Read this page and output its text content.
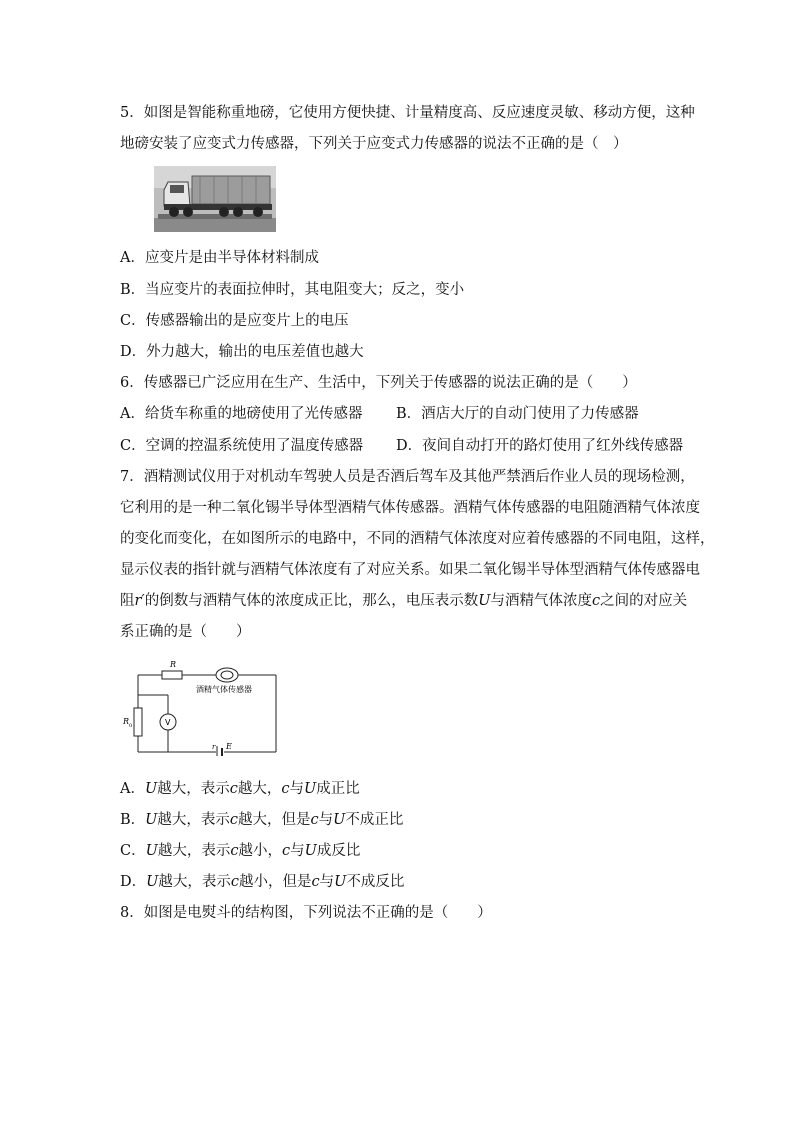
5．如图是智能称重地磅，它使用方便快捷、计量精度高、反应速度灵敏、移动方便，这种
地磅安装了应变式力传感器，下列关于应变式力传感器的说法不正确的是（　）
A．应变片是由半导体材料制成
B．当应变片的表面拉伸时，其电阻变大；反之，变小
C．传感器输出的是应变片上的电压
D．外力越大，输出的电压差值也越大
6．传感器已广泛应用在生产、生活中，下列关于传感器的说法正确的是（　　）
A．给货车称重的地磅使用了光传感器 B．酒店大厅的自动门使用了力传感器
C．空调的控温系统使用了温度传感器 D．夜间自动打开的路灯使用了红外线传感器
7．酒精测试仪用于对机动车驾驶人员是否酒后驾车及其他严禁酒后作业人员的现场检测，
它利用的是一种二氧化锡半导体型酒精气体传感器。酒精气体传感器的电阻随酒精气体浓度
的变化而变化，在如图所示的电路中，不同的酒精气体浓度对应着传感器的不同电阻，这样，
显示仪表的指针就与酒精气体浓度有了对应关系。如果二氧化锡半导体型酒精气体传感器电
阻r′的倒数与酒精气体的浓度成正比，那么，电压表示数U与酒精气体浓度c之间的对应关
系正确的是（　　）
R
R 0	V
酒精气体传感器
r E
A．U越大，表示c越大，c与U成正比
B．U越大，表示c越大，但是c与U不成正比
C．U越大，表示c越小，c与U成反比
D．U越大，表示c越小，但是c与U不成反比
8．如图是电熨斗的结构图，下列说法不正确的是（　　）
